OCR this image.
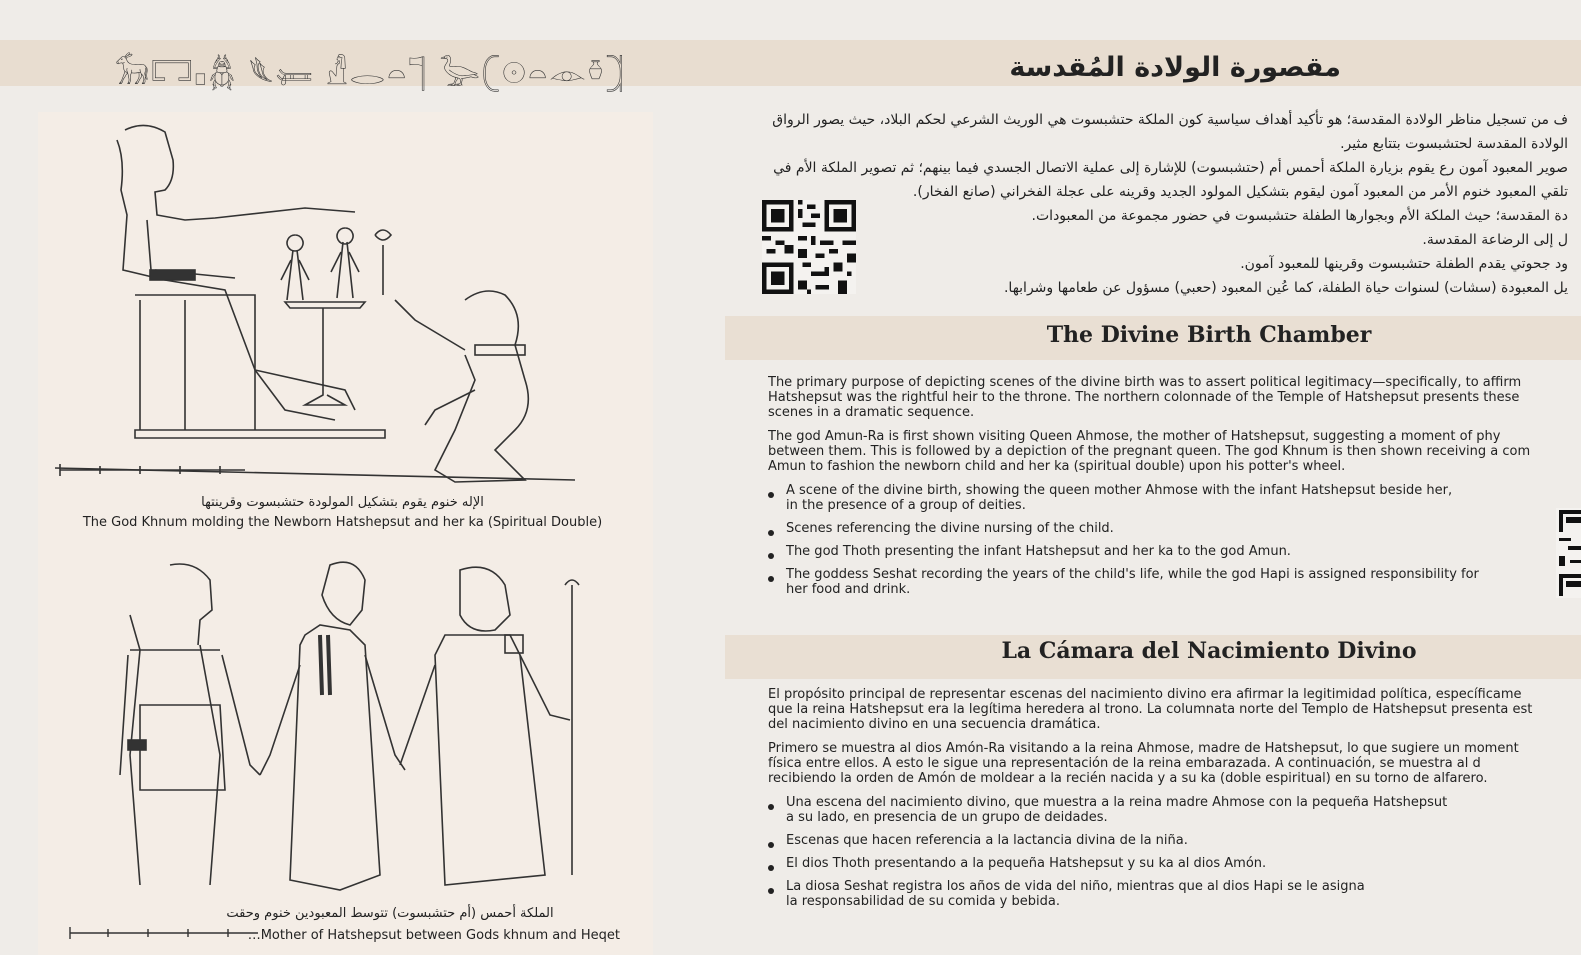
𓃘𓉐𓊪𓆣 𓆰𓍃 𓀭𓂋𓏏𓊹 𓅬𓍹𓇳𓏏𓁹𓏊𓍺	مقصورة الولادة المُقدسة
الإله خنوم يقوم بتشكيل المولودة حتشبسوت وقرينتها
The God Khnum molding the Newborn Hatshepsut and her ka (Spiritual Double)
الملكة أحمس (أم حتشبسوت) تتوسط المعبودين خنوم وحقت
…Mother of Hatshepsut between Gods khnum and Heqet

ف من تسجيل مناظر الولادة المقدسة؛ هو تأكيد أهداف سياسية كون الملكة حتشبسوت هي الوريث الشرعي لحكم البلاد، حيث يصور الرواق

الولادة المقدسة لحتشبسوت بتتابع مثير.

صوير المعبود آمون رع يقوم بزيارة الملكة أحمس أم (حتشبسوت) للإشارة إلى عملية الاتصال الجسدي فيما بينهم؛ ثم تصوير الملكة الأم في

تلقي المعبود خنوم الأمر من المعبود آمون ليقوم بتشكيل المولود الجديد وقرينه على عجلة الفخراني (صانع الفخار).

دة المقدسة؛ حيث الملكة الأم وبجوارها الطفلة حتشبسوت في حضور مجموعة من المعبودات.

ل إلى الرضاعة المقدسة.

ود جحوتي يقدم الطفلة حتشبسوت وقرينها للمعبود آمون.

يل المعبودة (سشات) لسنوات حياة الطفلة، كما عُين المعبود (حعبي) مسؤول عن طعامها وشرابها.

The Divine Birth Chamber

The primary purpose of depicting scenes of the divine birth was to assert political legitimacy—specifically, to affirm
Hatshepsut was the rightful heir to the throne. The northern colonnade of the Temple of Hatshepsut presents these
scenes in a dramatic sequence.

The god Amun-Ra is first shown visiting Queen Ahmose, the mother of Hatshepsut, suggesting a moment of phy
between them. This is followed by a depiction of the pregnant queen. The god Khnum is then shown receiving a com
Amun to fashion the newborn child and her ka (spiritual double) upon his potter's wheel.

A scene of the divine birth, showing the queen mother Ahmose with the infant Hatshepsut beside her,
in the presence of a group of deities.
Scenes referencing the divine nursing of the child.
The god Thoth presenting the infant Hatshepsut and her ka to the god Amun.
The goddess Seshat recording the years of the child's life, while the god Hapi is assigned responsibility for
her food and drink.
La Cámara del Nacimiento Divino

El propósito principal de representar escenas del nacimiento divino era afirmar la legitimidad política, específicame
que la reina Hatshepsut era la legítima heredera al trono. La columnata norte del Templo de Hatshepsut presenta est
del nacimiento divino en una secuencia dramática.

Primero se muestra al dios Amón-Ra visitando a la reina Ahmose, madre de Hatshepsut, lo que sugiere un moment
física entre ellos. A esto le sigue una representación de la reina embarazada. A continuación, se muestra al d
recibiendo la orden de Amón de moldear a la recién nacida y a su ka (doble espiritual) en su torno de alfarero.

Una escena del nacimiento divino, que muestra a la reina madre Ahmose con la pequeña Hatshepsut
a su lado, en presencia de un grupo de deidades.
Escenas que hacen referencia a la lactancia divina de la niña.
El dios Thoth presentando a la pequeña Hatshepsut y su ka al dios Amón.
La diosa Seshat registra los años de vida del niño, mientras que al dios Hapi se le asigna
la responsabilidad de su comida y bebida.
